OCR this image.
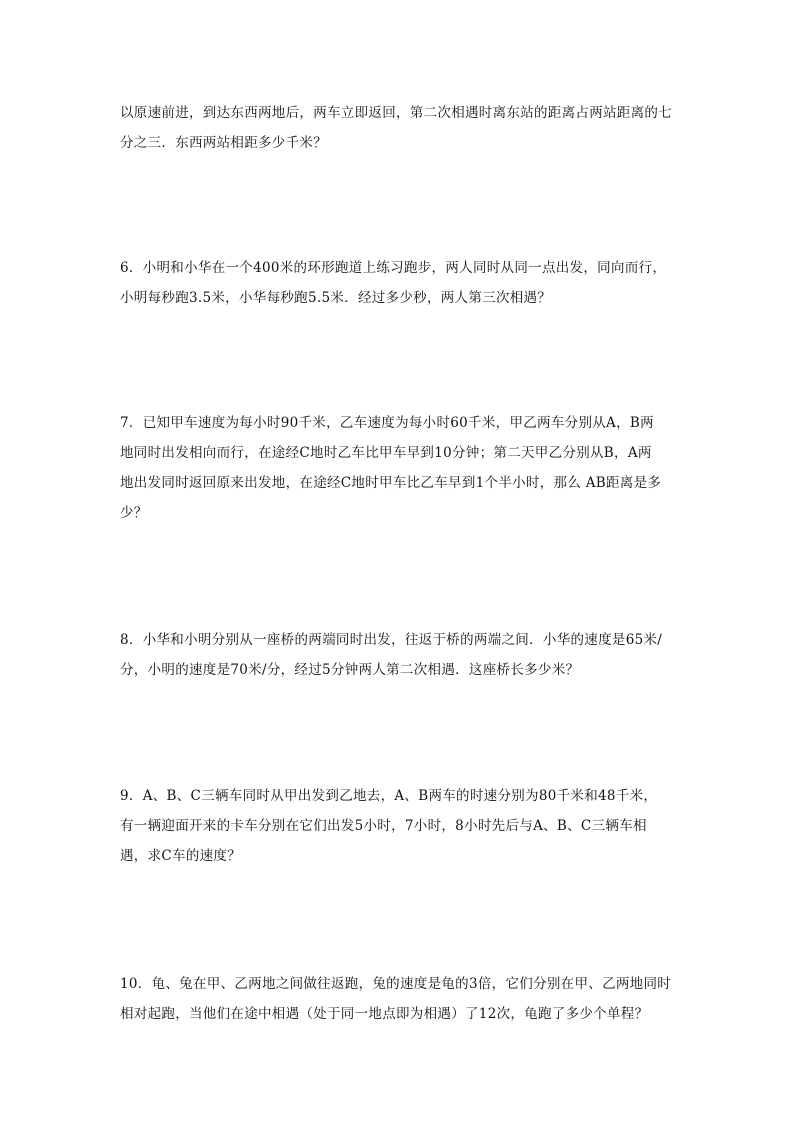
以原速前进，到达东西两地后，两车立即返回，第二次相遇时离东站的距离占两站距离的七
分之三．东西两站相距多少千米？
6．小明和小华在一个400米的环形跑道上练习跑步，两人同时从同一点出发，同向而行，
小明每秒跑3.5米，小华每秒跑5.5米．经过多少秒，两人第三次相遇？
7．已知甲车速度为每小时90千米，乙车速度为每小时60千米，甲乙两车分别从A，B两
地同时出发相向而行，在途经C地时乙车比甲车早到10分钟；第二天甲乙分别从B，A两
地出发同时返回原来出发地，在途经C地时甲车比乙车早到1个半小时，那么 AB距离是多
少？
8．小华和小明分别从一座桥的两端同时出发，往返于桥的两端之间．小华的速度是65米/
分，小明的速度是70米/分，经过5分钟两人第二次相遇．这座桥长多少米？
9．A、B、C三辆车同时从甲出发到乙地去，A、B两车的时速分别为80千米和48千米，
有一辆迎面开来的卡车分别在它们出发5小时，7小时，8小时先后与A、B、C三辆车相
遇，求C车的速度？
10．龟、兔在甲、乙两地之间做往返跑，兔的速度是龟的3倍，它们分别在甲、乙两地同时
相对起跑，当他们在途中相遇（处于同一地点即为相遇）了12次，龟跑了多少个单程？
